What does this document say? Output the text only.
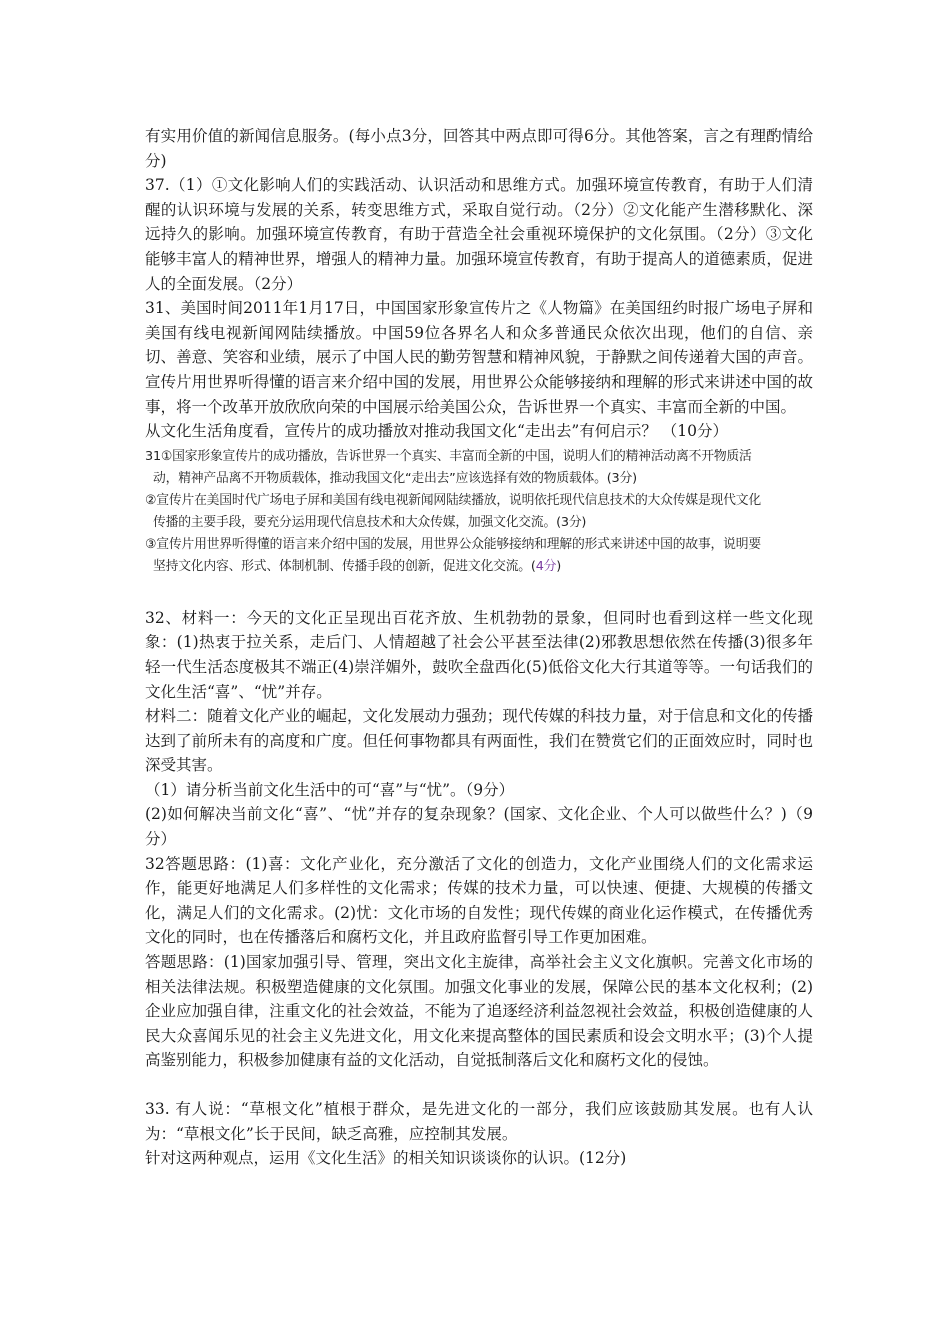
有实用价值的新闻信息服务。(每小点3分，回答其中两点即可得6分。其他答案，言之有理酌情给分)

37.（1）①文化影响人们的实践活动、认识活动和思维方式。加强环境宣传教育，有助于人们清醒的认识环境与发展的关系，转变思维方式，采取自觉行动。（2分）②文化能产生潜移默化、深远持久的影响。加强环境宣传教育，有助于营造全社会重视环境保护的文化氛围。（2分）③文化能够丰富人的精神世界，增强人的精神力量。加强环境宣传教育，有助于提高人的道德素质，促进人的全面发展。（2分）

31、美国时间2011年1月17日，中国国家形象宣传片之《人物篇》在美国纽约时报广场电子屏和美国有线电视新闻网陆续播放。中国59位各界名人和众多普通民众依次出现，他们的自信、亲切、善意、笑容和业绩，展示了中国人民的勤劳智慧和精神风貌，于静默之间传递着大国的声音。宣传片用世界听得懂的语言来介绍中国的发展，用世界公众能够接纳和理解的形式来讲述中国的故事，将一个改革开放欣欣向荣的中国展示给美国公众，告诉世界一个真实、丰富而全新的中国。

从文化生活角度看，宣传片的成功播放对推动我国文化“走出去”有何启示？ （10分）

31①国家形象宣传片的成功播放，告诉世界一个真实、丰富而全新的中国，说明人们的精神活动离不开物质活
动，精神产品离不开物质载体，推动我国文化“走出去”应该选择有效的物质载体。(3分)
②宣传片在美国时代广场电子屏和美国有线电视新闻网陆续播放，说明依托现代信息技术的大众传媒是现代文化
传播的主要手段，要充分运用现代信息技术和大众传媒，加强文化交流。(3分)
③宣传片用世界听得懂的语言来介绍中国的发展，用世界公众能够接纳和理解的形式来讲述中国的故事，说明要
坚持文化内容、形式、体制机制、传播手段的创新，促进文化交流。(4分)

32、材料一：今天的文化正呈现出百花齐放、生机勃勃的景象，但同时也看到这样一些文化现象：(1)热衷于拉关系，走后门、人情超越了社会公平甚至法律(2)邪教思想依然在传播(3)很多年轻一代生活态度极其不端正(4)崇洋媚外，鼓吹全盘西化(5)低俗文化大行其道等等。一句话我们的文化生活“喜”、“忧”并存。

材料二：随着文化产业的崛起，文化发展动力强劲；现代传媒的科技力量，对于信息和文化的传播达到了前所未有的高度和广度。但任何事物都具有两面性，我们在赞赏它们的正面效应时，同时也深受其害。

（1）请分析当前文化生活中的可“喜”与“忧”。（9分）

(2)如何解决当前文化“喜”、“忧”并存的复杂现象？(国家、文化企业、个人可以做些什么？)（9分）

32答题思路：(1)喜：文化产业化，充分激活了文化的创造力，文化产业围绕人们的文化需求运作，能更好地满足人们多样性的文化需求；传媒的技术力量，可以快速、便捷、大规模的传播文化，满足人们的文化需求。(2)忧：文化市场的自发性；现代传媒的商业化运作模式，在传播优秀文化的同时，也在传播落后和腐朽文化，并且政府监督引导工作更加困难。

答题思路：(1)国家加强引导、管理，突出文化主旋律，高举社会主义文化旗帜。完善文化市场的相关法律法规。积极塑造健康的文化氛围。加强文化事业的发展，保障公民的基本文化权利；(2)企业应加强自律，注重文化的社会效益，不能为了追逐经济利益忽视社会效益，积极创造健康的人民大众喜闻乐见的社会主义先进文化，用文化来提高整体的国民素质和设会文明水平；(3)个人提高鉴别能力，积极参加健康有益的文化活动，自觉抵制落后文化和腐朽文化的侵蚀。

33. 有人说：“草根文化”植根于群众，是先进文化的一部分，我们应该鼓励其发展。也有人认为：“草根文化”长于民间，缺乏高雅，应控制其发展。

针对这两种观点，运用《文化生活》的相关知识谈谈你的认识。(12分)
